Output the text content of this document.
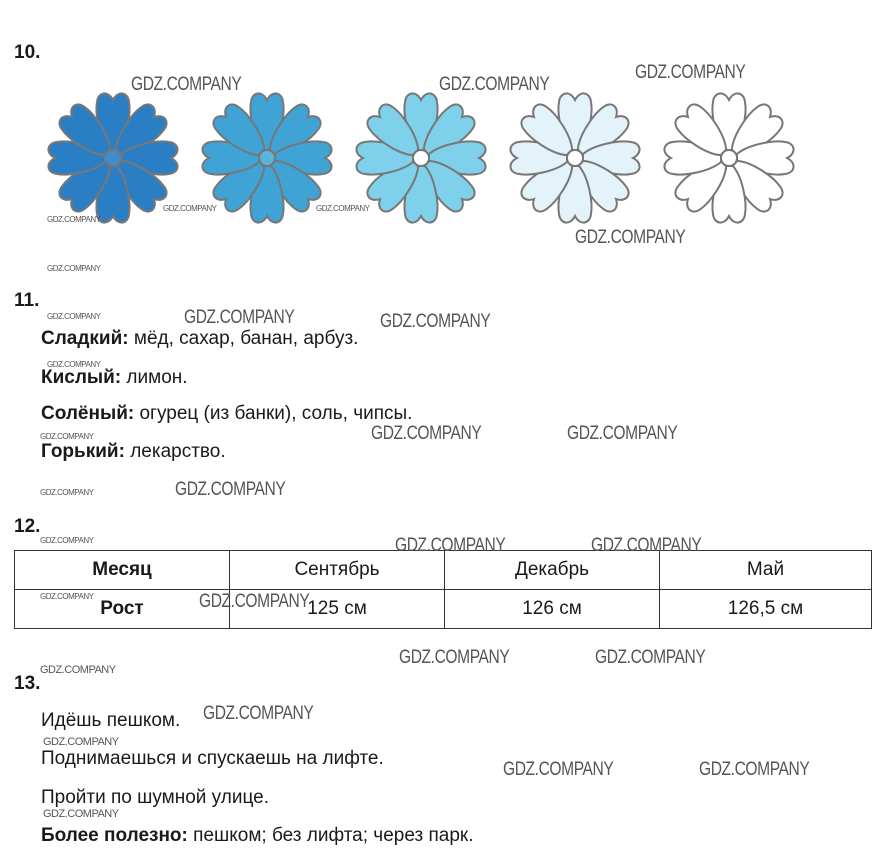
10.
11.
Сладкий: мёд, сахар, банан, арбуз.
Кислый: лимон.
Солёный: огурец (из банки), соль, чипсы.
Горький: лекарство.
12.
Месяц	Сентябрь	Декабрь	Май
Рост	125 см	126 см	126,5 см
13.
Идёшь пешком.
Поднимаешься и спускаешь на лифте.
Пройти по шумной улице.
Более полезно: пешком; без лифта; через парк.
GDZ.COMPANY	GDZ.COMPANY
GDZ.COMPANY
GDZ.COMPANY
GDZ.COMPANY	GDZ.COMPANY
GDZ.COMPANY	GDZ.COMPANY
GDZ.COMPANY
GDZ.COMPANY	GDZ.COMPANY
GDZ.COMPANY
GDZ.COMPANY	GDZ.COMPANY
GDZ.COMPANY
GDZ.COMPANY	GDZ.COMPANY
GDZ.COMPANY
GDZ.COMPANY	GDZ.COMPANY
GDZ.COMPANY
GDZ.COMPANY
GDZ.COMPANY
GDZ.COMPANY
GDZ.COMPANY
GDZ.COMPANY
GDZ.COMPANY
GDZ.COMPANY
GDZ.COMPANY
GDZ.COMPANY
